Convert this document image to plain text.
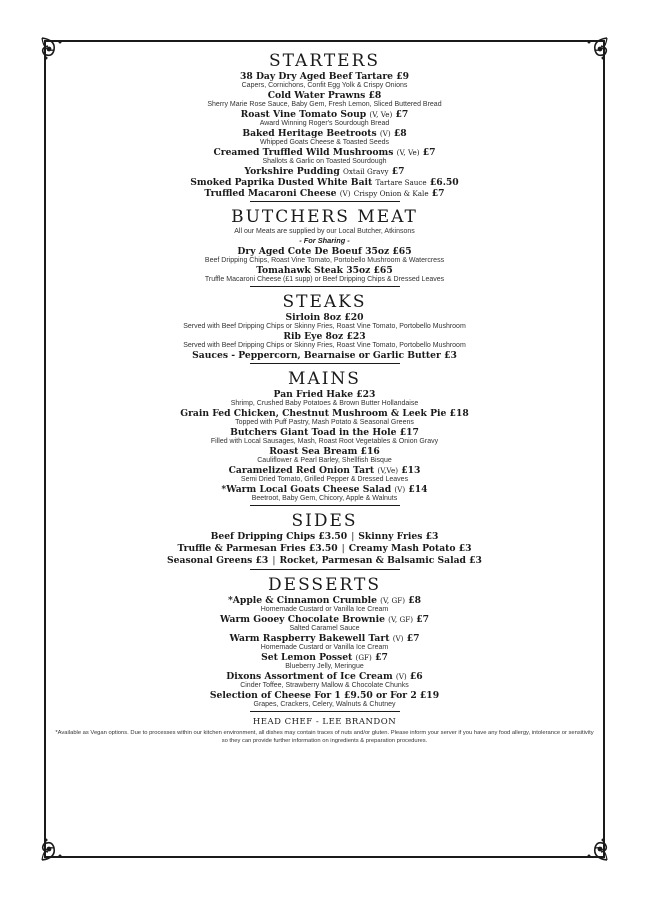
STARTERS
38 Day Dry Aged Beef Tartare £9
Capers, Cornichons, Confit Egg Yolk & Crispy Onions
Cold Water Prawns £8
Sherry Marie Rose Sauce, Baby Gem, Fresh Lemon, Sliced Buttered Bread
Roast Vine Tomato Soup (V, Ve) £7
Award Winning Roger's Sourdough Bread
Baked Heritage Beetroots (V) £8
Whipped Goats Cheese & Toasted Seeds
Creamed Truffled Wild Mushrooms (V, Ve) £7
Shallots & Garlic on Toasted Sourdough
Yorkshire Pudding Oxtail Gravy £7
Smoked Paprika Dusted White Bait Tartare Sauce £6.50
Truffled Macaroni Cheese (V) Crispy Onion & Kale £7
BUTCHERS MEAT
All our Meats are supplied by our Local Butcher, Atkinsons
- For Sharing -
Dry Aged Cote De Boeuf 35oz £65
Beef Dripping Chips, Roast Vine Tomato, Portobello Mushroom & Watercress
Tomahawk Steak 35oz £65
Truffle Macaroni Cheese (£1 supp) or Beef Dripping Chips & Dressed Leaves
STEAKS
Sirloin 8oz £20
Served with Beef Dripping Chips or Skinny Fries, Roast Vine Tomato, Portobello Mushroom
Rib Eye 8oz £23
Served with Beef Dripping Chips or Skinny Fries, Roast Vine Tomato, Portobello Mushroom
Sauces - Peppercorn, Bearnaise or Garlic Butter £3
MAINS
Pan Fried Hake £23
Shrimp, Crushed Baby Potatoes & Brown Butter Hollandaise
Grain Fed Chicken, Chestnut Mushroom & Leek Pie £18
Topped with Puff Pastry, Mash Potato & Seasonal Greens
Butchers Giant Toad in the Hole £17
Filled with Local Sausages, Mash, Roast Root Vegetables & Onion Gravy
Roast Sea Bream £16
Cauliflower & Pearl Barley, Shellfish Bisque
Caramelized Red Onion Tart (V,Ve) £13
Semi Dried Tomato, Grilled Pepper & Dressed Leaves
*Warm Local Goats Cheese Salad (V) £14
Beetroot, Baby Gem, Chicory, Apple & Walnuts
SIDES
Beef Dripping Chips £3.50 | Skinny Fries £3
Truffle & Parmesan Fries £3.50 | Creamy Mash Potato £3
Seasonal Greens £3 | Rocket, Parmesan & Balsamic Salad £3
DESSERTS
*Apple & Cinnamon Crumble (V, GF) £8
Homemade Custard or Vanilla Ice Cream
Warm Gooey Chocolate Brownie (V, GF) £7
Salted Caramel Sauce
Warm Raspberry Bakewell Tart (V) £7
Homemade Custard or Vanilla Ice Cream
Set Lemon Posset (GF) £7
Blueberry Jelly, Meringue
Dixons Assortment of Ice Cream (V) £6
Cinder Toffee, Strawberry Mallow & Chocolate Chunks
Selection of Cheese For 1 £9.50 or For 2 £19
Grapes, Crackers, Celery, Walnuts & Chutney
HEAD CHEF - LEE BRANDON
*Available as Vegan options. Due to processes within our kitchen environment, all dishes may contain traces of nuts and/or gluten. Please inform your server if you have any food allergy, intolerance or sensitivity so they can provide further information on ingredients & preparation procedures.
